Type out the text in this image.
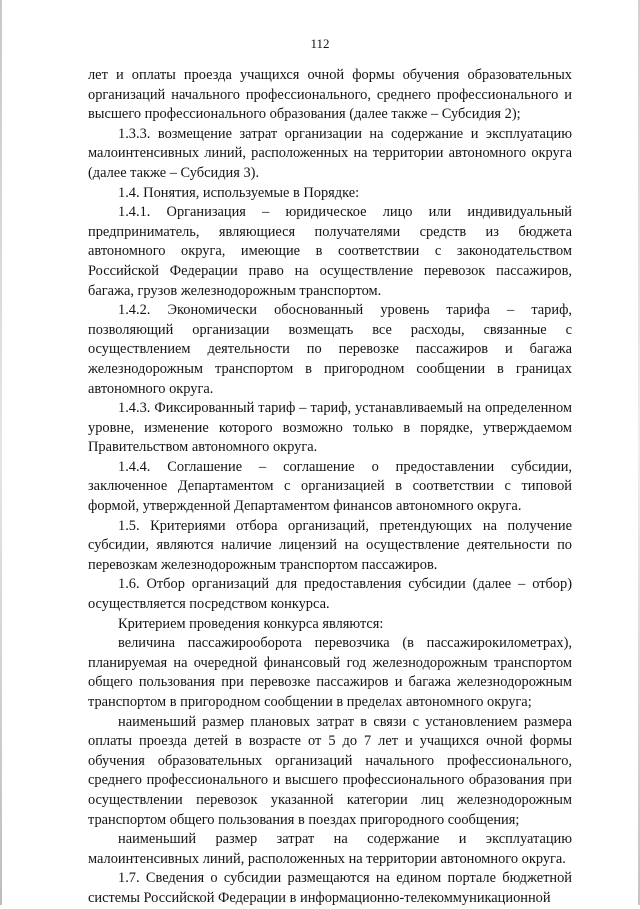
112

лет и оплаты проезда учащихся очной формы обучения образовательных организаций начального профессионального, среднего профессионального и высшего профессионального образования (далее также – Субсидия 2);

1.3.3. возмещение затрат организации на содержание и эксплуатацию малоинтенсивных линий, расположенных на территории автономного округа (далее также – Субсидия 3).

1.4. Понятия, используемые в Порядке:

1.4.1. Организация – юридическое лицо или индивидуальный предприниматель, являющиеся получателями средств из бюджета автономного округа, имеющие в соответствии с законодательством Российской Федерации право на осуществление перевозок пассажиров, багажа, грузов железнодорожным транспортом.

1.4.2. Экономически обоснованный уровень тарифа – тариф, позволяющий организации возмещать все расходы, связанные с осуществлением деятельности по перевозке пассажиров и багажа железнодорожным транспортом в пригородном сообщении в границах автономного округа.

1.4.3. Фиксированный тариф – тариф, устанавливаемый на определенном уровне, изменение которого возможно только в порядке, утверждаемом Правительством автономного округа.

1.4.4. Соглашение – соглашение о предоставлении субсидии, заключенное Департаментом с организацией в соответствии с типовой формой, утвержденной Департаментом финансов автономного округа.

1.5. Критериями отбора организаций, претендующих на получение субсидии, являются наличие лицензий на осуществление деятельности по перевозкам железнодорожным транспортом пассажиров.

1.6. Отбор организаций для предоставления субсидии (далее – отбор) осуществляется посредством конкурса.

Критерием проведения конкурса являются:

величина пассажирооборота перевозчика (в пассажирокилометрах), планируемая на очередной финансовый год железнодорожным транспортом общего пользования при перевозке пассажиров и багажа железнодорожным транспортом в пригородном сообщении в пределах автономного округа;

наименьший размер плановых затрат в связи с установлением размера оплаты проезда детей в возрасте от 5 до 7 лет и учащихся очной формы обучения образовательных организаций начального профессионального, среднего профессионального и высшего профессионального образования при осуществлении перевозок указанной категории лиц железнодорожным транспортом общего пользования в поездах пригородного сообщения;

наименьший размер затрат на содержание и эксплуатацию малоинтенсивных линий, расположенных на территории автономного округа.

1.7. Сведения о субсидии размещаются на едином портале бюджетной системы Российской Федерации в информационно-телекоммуникационной
